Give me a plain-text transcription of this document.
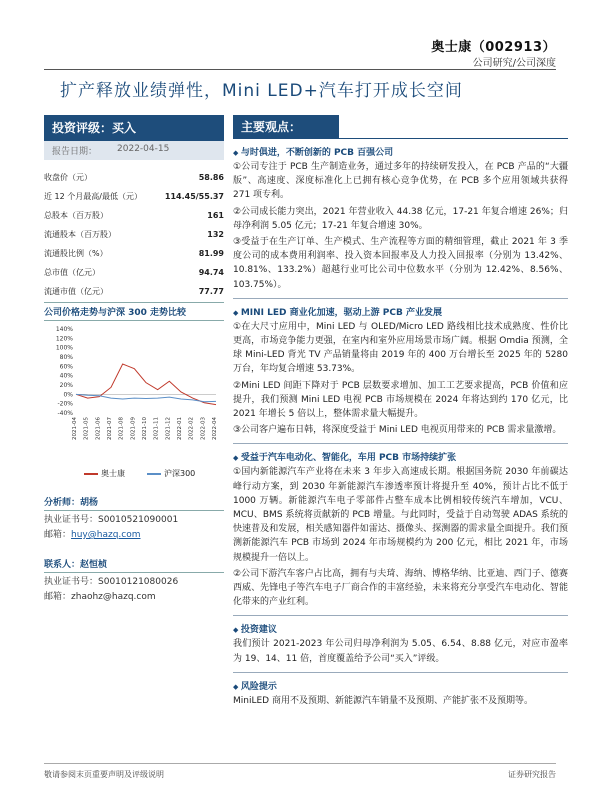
奥士康（002913）
公司研究/公司深度
扩产释放业绩弹性，Mini LED+汽车打开成长空间
投资评级：买入
报告日期： 2022-04-15
收盘价（元）	58.86
近 12 个月最高/最低（元）	114.45/55.37
总股本（百万股）	161
流通股本（百万股）	132
流通股比例（%）	81.99
总市值（亿元）	94.74
流通市值（亿元）	77.77
公司价格走势与沪深 300 走势比较
140%
120%
100%
80%
60%
40%
20%
0%
-20%
-40%
2021-04 2021-05 2021-06 2021-07 2021-08 2021-09 2021-10 2021-11 2021-12 2022-01 2022-02 2022-03 2022-04
奥士康	沪深300
分析师：胡杨
执业证书号：S0010521090001
邮箱：huy@hazq.com
联系人：赵恒桢
执业证书号：S0010121080026
邮箱：zhaohz@hazq.com
主要观点：
◆ 与时俱进，不断创新的 PCB 百强公司
①公司专注于 PCB 生产制造业务，通过多年的持续研发投入，在 PCB 产品的“大疆版”、高速度、深度标准化上已拥有核心竞争优势，在 PCB 多个应用领域共获得 271 项专利。
②公司成长能力突出，2021 年营业收入 44.38 亿元，17-21 年复合增速 26%；归母净利润 5.05 亿元；17-21 年复合增速 30%。
③受益于在生产订单、生产模式、生产流程等方面的精细管理，截止 2021 年 3 季度公司的成本费用利润率、投入资本回报率及人力投入回报率（分别为 13.42%、10.81%、133.2%）超越行业可比公司中位数水平（分别为 12.42%、8.56%、103.75%）。
◆ MINI LED 商业化加速，驱动上游 PCB 产业发展
①在大尺寸应用中，Mini LED 与 OLED/Micro LED 路线相比技术成熟度、性价比更高，市场竞争能力更强，在室内和室外应用场景市场广阔。根据 Omdia 预测，全球 Mini-LED 背光 TV 产品销量将由 2019 年的 400 万台增长至 2025 年的 5280 万台，年均复合增速 53.73%。
②Mini LED 间距下降对于 PCB 层数要求增加、加工工艺要求提高，PCB 价值和应提升，我们预测 Mini LED 电视 PCB 市场规模在 2024 年将达到约 170 亿元，比 2021 年增长 5 倍以上，整体需求量大幅提升。
③公司客户遍布日韩，将深度受益于 Mini LED 电视页用带来的 PCB 需求量激增。
◆ 受益于汽车电动化、智能化，车用 PCB 市场持续扩张
①国内新能源汽车产业将在未来 3 年步入高速成长期。根据国务院 2030 年前碳达峰行动方案，到 2030 年新能源汽车渗透率预计将提升至 40%，预计占比不低于 1000 万辆。新能源汽车电子零部件占整车成本比例相较传统汽车增加，VCU、MCU、BMS 系统将贡献新的 PCB 增量。与此同时，受益于自动驾驶 ADAS 系统的快速普及和发展，相关感知器件如雷达、摄像头、探测器的需求量全面提升。我们预测新能源汽车 PCB 市场到 2024 年市场规模约为 200 亿元，相比 2021 年，市场规模提升一倍以上。
②公司下游汽车客户占比高，拥有与夫琦、海纳、博格华纳、比亚迪、西门子、德赛西威、先锋电子等汽车电子厂商合作的丰富经验，未来将充分享受汽车电动化、智能化带来的产业红利。
◆ 投资建议
我们预计 2021-2023 年公司归母净利润为 5.05、6.54、8.88 亿元，对应市盈率为 19、14、11 倍，首度覆盖给予公司“买入”评级。
◆ 风险提示
MiniLED 商用不及预期、新能源汽车销量不及预期、产能扩张不及预期等。
敬请参阅末页重要声明及评级说明	证券研究报告
